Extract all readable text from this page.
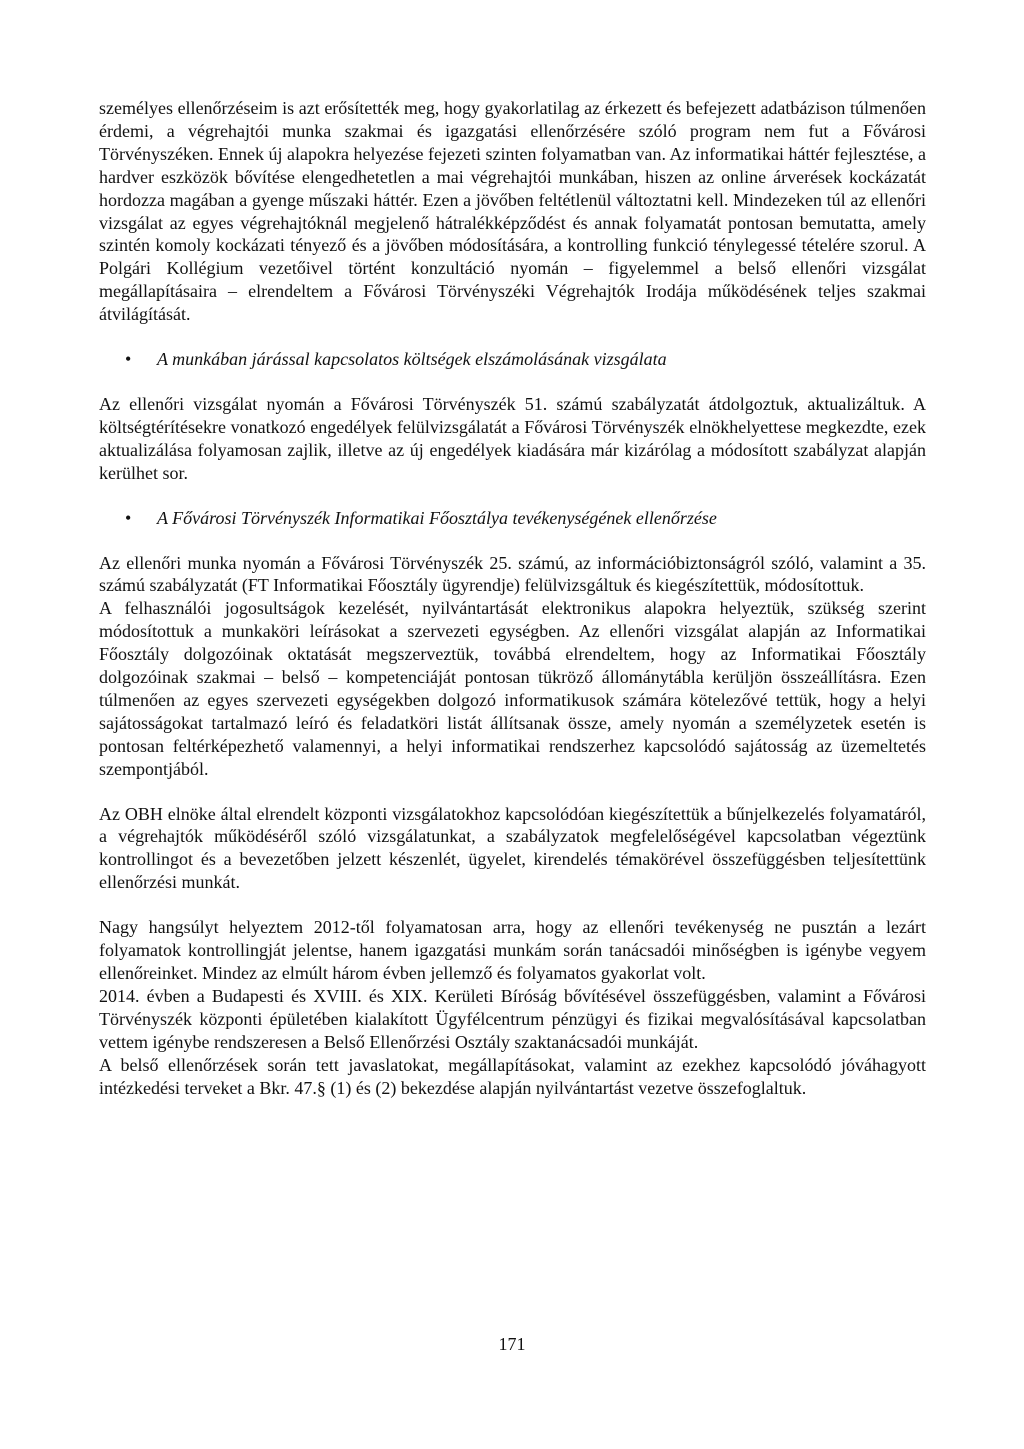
személyes ellenőrzéseim is azt erősítették meg, hogy gyakorlatilag az érkezett és befejezett adatbázison túlmenően érdemi, a végrehajtói munka szakmai és igazgatási ellenőrzésére szóló program nem fut a Fővárosi Törvényszéken. Ennek új alapokra helyezése fejezeti szinten folyamatban van. Az informatikai háttér fejlesztése, a hardver eszközök bővítése elengedhetetlen a mai végrehajtói munkában, hiszen az online árverések kockázatát hordozza magában a gyenge műszaki háttér. Ezen a jövőben feltétlenül változtatni kell. Mindezeken túl az ellenőri vizsgálat az egyes végrehajtóknál megjelenő hátralékképződést és annak folyamatát pontosan bemutatta, amely szintén komoly kockázati tényező és a jövőben módosítására, a kontrolling funkció ténylegessé tételére szorul. A Polgári Kollégium vezetőivel történt konzultáció nyomán – figyelemmel a belső ellenőri vizsgálat megállapításaira – elrendeltem a Fővárosi Törvényszéki Végrehajtók Irodája működésének teljes szakmai átvilágítását.

• A munkában járással kapcsolatos költségek elszámolásának vizsgálata

Az ellenőri vizsgálat nyomán a Fővárosi Törvényszék 51. számú szabályzatát átdolgoztuk, aktualizáltuk. A költségtérítésekre vonatkozó engedélyek felülvizsgálatát a Fővárosi Törvényszék elnökhelyettese megkezdte, ezek aktualizálása folyamosan zajlik, illetve az új engedélyek kiadására már kizárólag a módosított szabályzat alapján kerülhet sor.

• A Fővárosi Törvényszék Informatikai Főosztálya tevékenységének ellenőrzése

Az ellenőri munka nyomán a Fővárosi Törvényszék 25. számú, az információbiztonságról szóló, valamint a 35. számú szabályzatát (FT Informatikai Főosztály ügyrendje) felülvizsgáltuk és kiegészítettük, módosítottuk.

A felhasználói jogosultságok kezelését, nyilvántartását elektronikus alapokra helyeztük, szükség szerint módosítottuk a munkaköri leírásokat a szervezeti egységben. Az ellenőri vizsgálat alapján az Informatikai Főosztály dolgozóinak oktatását megszerveztük, továbbá elrendeltem, hogy az Informatikai Főosztály dolgozóinak szakmai – belső – kompetenciáját pontosan tükröző állománytábla kerüljön összeállításra. Ezen túlmenően az egyes szervezeti egységekben dolgozó informatikusok számára kötelezővé tettük, hogy a helyi sajátosságokat tartalmazó leíró és feladatköri listát állítsanak össze, amely nyomán a személyzetek esetén is pontosan feltérképezhető valamennyi, a helyi informatikai rendszerhez kapcsolódó sajátosság az üzemeltetés szempontjából.

Az OBH elnöke által elrendelt központi vizsgálatokhoz kapcsolódóan kiegészítettük a bűnjelkezelés folyamatáról, a végrehajtók működéséről szóló vizsgálatunkat, a szabályzatok megfelelőségével kapcsolatban végeztünk kontrollingot és a bevezetőben jelzett készenlét, ügyelet, kirendelés témakörével összefüggésben teljesítettünk ellenőrzési munkát.

Nagy hangsúlyt helyeztem 2012-től folyamatosan arra, hogy az ellenőri tevékenység ne pusztán a lezárt folyamatok kontrollingját jelentse, hanem igazgatási munkám során tanácsadói minőségben is igénybe vegyem ellenőreinket. Mindez az elmúlt három évben jellemző és folyamatos gyakorlat volt.

2014. évben a Budapesti és XVIII. és XIX. Kerületi Bíróság bővítésével összefüggésben, valamint a Fővárosi Törvényszék központi épületében kialakított Ügyfélcentrum pénzügyi és fizikai megvalósításával kapcsolatban vettem igénybe rendszeresen a Belső Ellenőrzési Osztály szaktanácsadói munkáját.

A belső ellenőrzések során tett javaslatokat, megállapításokat, valamint az ezekhez kapcsolódó jóváhagyott intézkedési terveket a Bkr. 47.§ (1) és (2) bekezdése alapján nyilvántartást vezetve összefoglaltuk.

171
